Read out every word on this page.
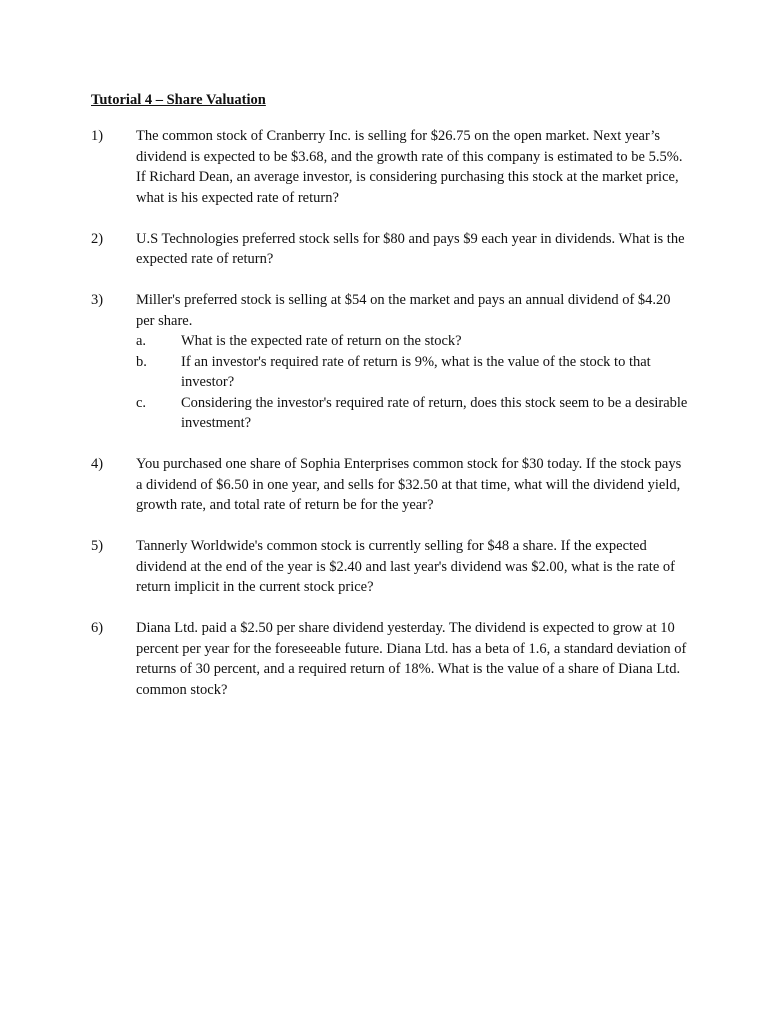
Tutorial 4 – Share Valuation
1) The common stock of Cranberry Inc. is selling for $26.75 on the open market. Next year’s dividend is expected to be $3.68, and the growth rate of this company is estimated to be 5.5%. If Richard Dean, an average investor, is considering purchasing this stock at the market price, what is his expected rate of return?
2) U.S Technologies preferred stock sells for $80 and pays $9 each year in dividends. What is the expected rate of return?
3) Miller's preferred stock is selling at $54 on the market and pays an annual dividend of $4.20 per share.
a. What is the expected rate of return on the stock?
b. If an investor's required rate of return is 9%, what is the value of the stock to that investor?
c. Considering the investor's required rate of return, does this stock seem to be a desirable investment?
4) You purchased one share of Sophia Enterprises common stock for $30 today. If the stock pays a dividend of $6.50 in one year, and sells for $32.50 at that time, what will the dividend yield, growth rate, and total rate of return be for the year?
5) Tannerly Worldwide's common stock is currently selling for $48 a share. If the expected dividend at the end of the year is $2.40 and last year's dividend was $2.00, what is the rate of return implicit in the current stock price?
6) Diana Ltd. paid a $2.50 per share dividend yesterday. The dividend is expected to grow at 10 percent per year for the foreseeable future. Diana Ltd. has a beta of 1.6, a standard deviation of returns of 30 percent, and a required return of 18%. What is the value of a share of Diana Ltd. common stock?
